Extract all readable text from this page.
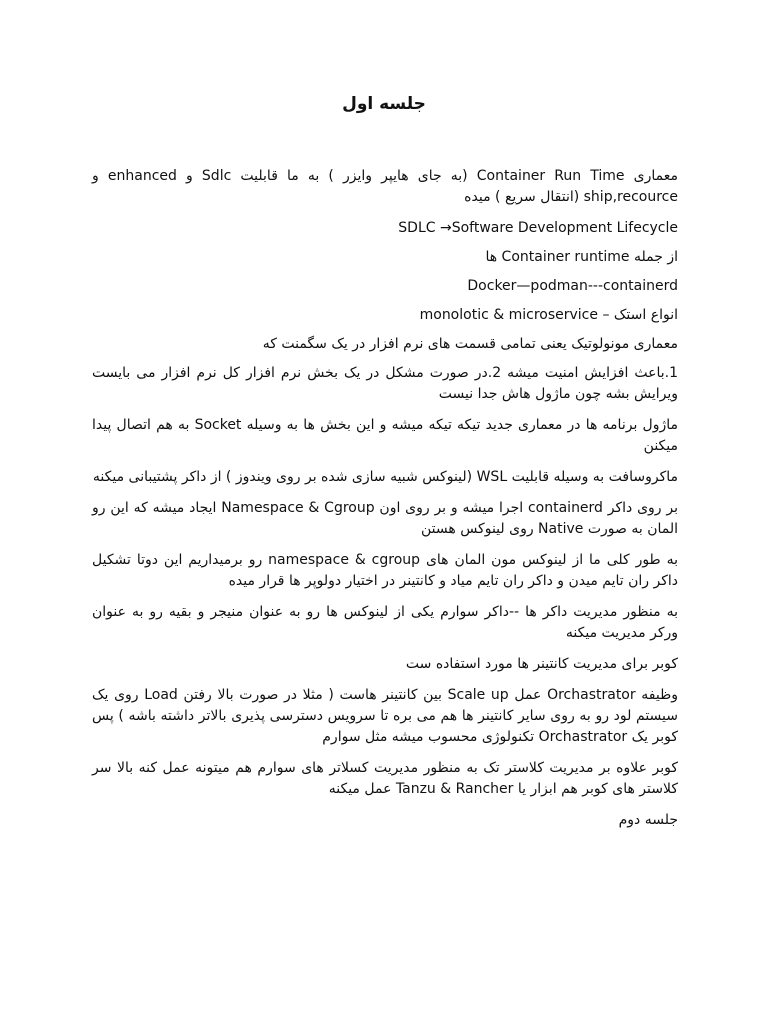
جلسه اول

معماری Container Run Time (به جای هایپر وایزر ) به ما قابلیت Sdlc و enhanced و ship,recource (انتقال سریع ) میده

SDLC →Software Development Lifecycle

از جمله Container runtime ها

Docker—podman---containerd

انواع استک – monolotic & microservice

معماری مونولوتیک یعنی تمامی قسمت های نرم افزار در یک سگمنت که

1.باعث افزایش امنیت میشه 2.در صورت مشکل در یک بخش نرم افزار کل نرم افزار می بایست ویرایش بشه چون ماژول هاش جدا نیست

ماژول برنامه ها در معماری جدید تیکه تیکه میشه و این بخش ها به وسیله Socket به هم اتصال پیدا میکنن

ماکروسافت به وسیله قابلیت WSL (لینوکس شبیه سازی شده بر روی ویندوز ) از داکر پشتیبانی میکنه

بر روی داکر containerd اجرا میشه و بر روی اون Namespace & Cgroup ایجاد میشه که این رو المان به صورت Native روی لینوکس هستن

به طور کلی ما از لینوکس مون المان های namespace & cgroup رو برمیداریم این دوتا تشکیل داکر ران تایم میدن و داکر ران تایم میاد و کانتینر در اختیار دولوپر ها قرار میده

به منظور مدیریت داکر ها --داکر سوارم یکی از لینوکس ها رو به عنوان منیجر و بقیه رو به عنوان ورکر مدیریت میکنه

کوبر برای مدیریت کانتینر ها مورد استفاده ست

وظیفه Orchastrator عمل Scale up بین کانتینر هاست ( مثلا در صورت بالا رفتن Load روی یک سیستم لود رو به روی سایر کانتینر ها هم می بره تا سرویس دسترسی پذیری بالاتر داشته باشه ) پس کوبر یک Orchastrator تکنولوژی محسوب میشه مثل سوارم

کوبر علاوه بر مدیریت کلاستر تک به منظور مدیریت کسلاتر های سوارم هم میتونه عمل کنه بالا سر کلاستر های کوبر هم ابزار یا Tanzu & Rancher عمل میکنه

جلسه دوم
